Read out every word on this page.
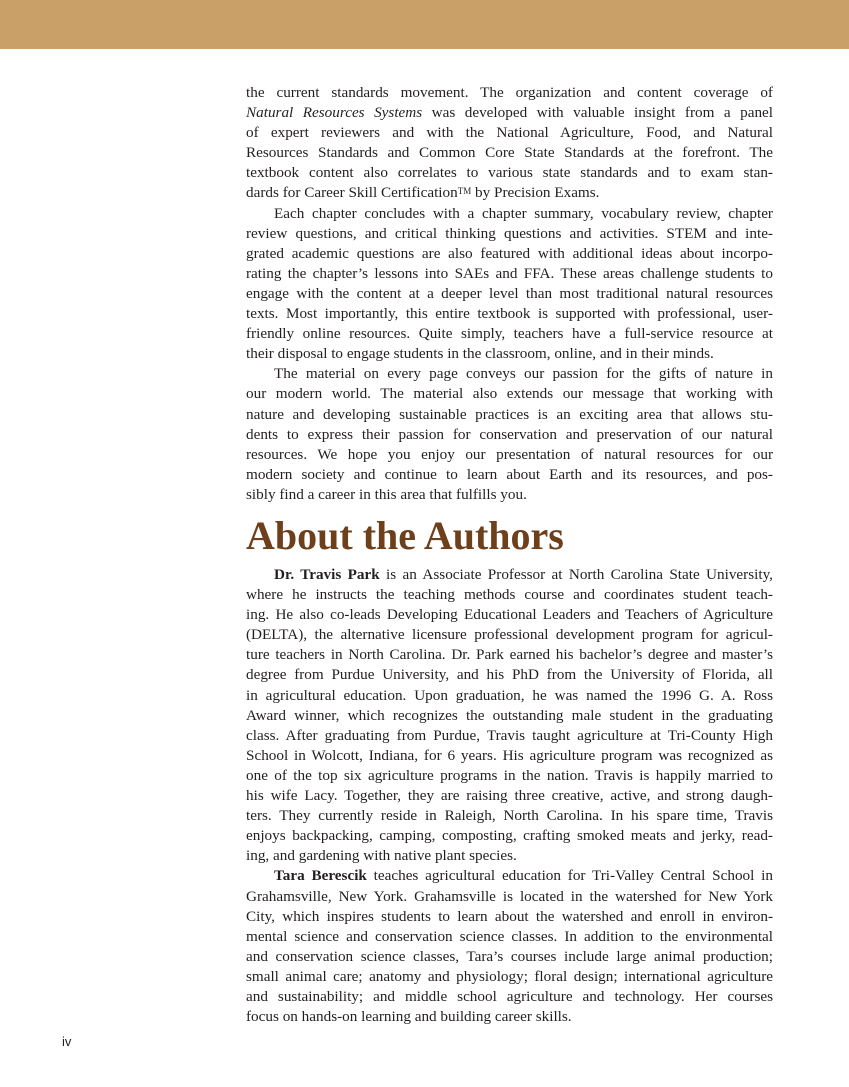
the current standards movement. The organization and content coverage of
Natural Resources Systems was developed with valuable insight from a panel
of expert reviewers and with the National Agriculture, Food, and Natural
Resources Standards and Common Core State Standards at the forefront. The
textbook content also correlates to various state standards and to exam stan-
dards for Career Skill Certification™ by Precision Exams.
Each chapter concludes with a chapter summary, vocabulary review, chapter
review questions, and critical thinking questions and activities. STEM and inte-
grated academic questions are also featured with additional ideas about incorpo-
rating the chapter’s lessons into SAEs and FFA. These areas challenge students to
engage with the content at a deeper level than most traditional natural resources
texts. Most importantly, this entire textbook is supported with professional, user-
friendly online resources. Quite simply, teachers have a full-service resource at
their disposal to engage students in the classroom, online, and in their minds.
The material on every page conveys our passion for the gifts of nature in
our modern world. The material also extends our message that working with
nature and developing sustainable practices is an exciting area that allows stu-
dents to express their passion for conservation and preservation of our natural
resources. We hope you enjoy our presentation of natural resources for our
modern society and continue to learn about Earth and its resources, and pos-
sibly find a career in this area that fulfills you.
About the Authors
Dr. Travis Park is an Associate Professor at North Carolina State University,
where he instructs the teaching methods course and coordinates student teach-
ing. He also co-leads Developing Educational Leaders and Teachers of Agriculture
(DELTA), the alternative licensure professional development program for agricul-
ture teachers in North Carolina. Dr. Park earned his bachelor’s degree and master’s
degree from Purdue University, and his PhD from the University of Florida, all
in agricultural education. Upon graduation, he was named the 1996 G. A. Ross
Award winner, which recognizes the outstanding male student in the graduating
class. After graduating from Purdue, Travis taught agriculture at Tri-County High
School in Wolcott, Indiana, for 6 years. His agriculture program was recognized as
one of the top six agriculture programs in the nation. Travis is happily married to
his wife Lacy. Together, they are raising three creative, active, and strong daugh-
ters. They currently reside in Raleigh, North Carolina. In his spare time, Travis
enjoys backpacking, camping, composting, crafting smoked meats and jerky, read-
ing, and gardening with native plant species.
Tara Berescik teaches agricultural education for Tri-Valley Central School in
Grahamsville, New York. Grahamsville is located in the watershed for New York
City, which inspires students to learn about the watershed and enroll in environ-
mental science and conservation science classes. In addition to the environmental
and conservation science classes, Tara’s courses include large animal production;
small animal care; anatomy and physiology; floral design; international agriculture
and sustainability; and middle school agriculture and technology. Her courses
focus on hands-on learning and building career skills.
iv
